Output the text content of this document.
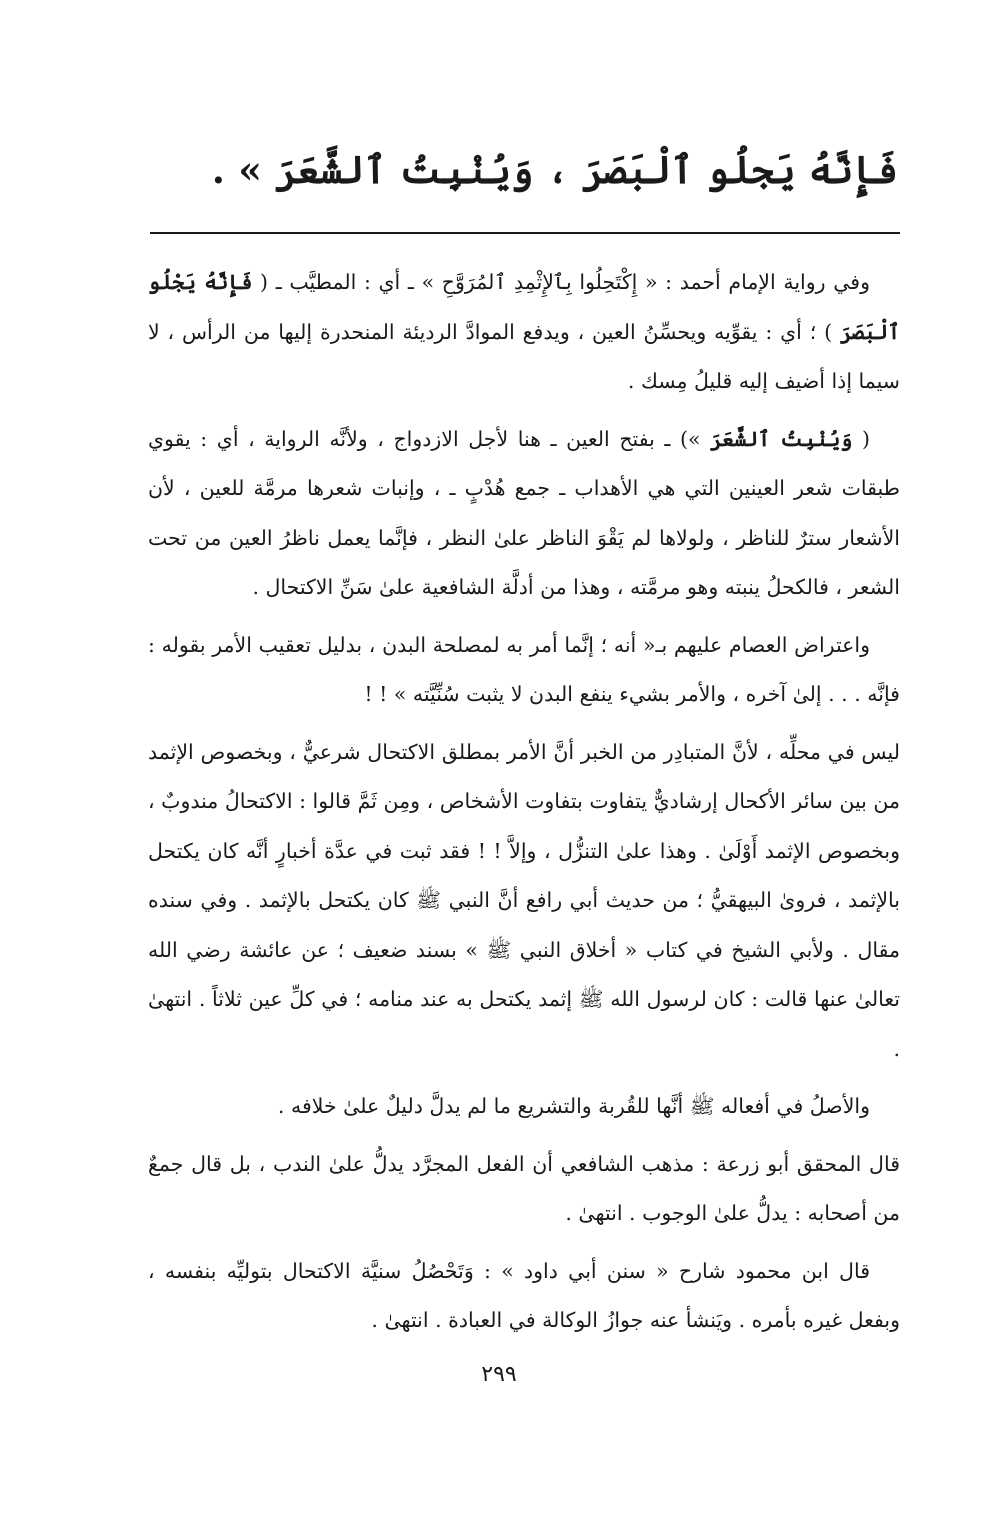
فَإِنَّهُ يَجلُو ٱلْبَصَرَ ، وَيُنْبِتُ ٱلشَّعَرَ » .

وفي رواية الإمام أحمد : « إِكْتَحِلُوا بِٱلإِثْمِدِ ٱلمُرَوَّحِ » ـ أي : المطيَّب ـ ( فَإِنَّهُ يَجْلُو ٱلْبَصَرَ ) ؛ أي : يقوِّيه ويحسِّنُ العين ، ويدفع الموادَّ الرديئة المنحدرة إليها من الرأس ، لا سيما إذا أضيف إليه قليلُ مِسك .

( وَيُنْبِتُ ٱلشَّعَرَ ») ـ بفتح العين ـ هنا لأجل الازدواج ، ولأنَّه الرواية ، أي : يقوي طبقات شعر العينين التي هي الأهداب ـ جمع هُدْبٍ ـ ، وإنبات شعرها مرمَّة للعين ، لأن الأشعار سترٌ للناظر ، ولولاها لم يَقْوَ الناظر علىٰ النظر ، فإنَّما يعمل ناظرُ العين من تحت الشعر ، فالكحلُ ينبته وهو مرمَّته ، وهذا من أدلَّة الشافعية علىٰ سَنِّ الاكتحال .

واعتراض العصام عليهم بـ« أنه ؛ إنَّما أمر به لمصلحة البدن ، بدليل تعقيب الأمر بقوله : فإنَّه . . . إلىٰ آخره ، والأمر بشيء ينفع البدن لا يثبت سُنِّيَّته » ! !

ليس في محلِّه ، لأنَّ المتبادِر من الخبر أنَّ الأمر بمطلق الاكتحال شرعيٌّ ، وبخصوص الإثمد من بين سائر الأكحال إرشاديٌّ يتفاوت بتفاوت الأشخاص ، ومِن ثَمَّ قالوا : الاكتحالُ مندوبٌ ، وبخصوص الإثمد أَوْلَىٰ . وهذا علىٰ التنزُّل ، وإلاَّ ! ! فقد ثبت في عدَّة أخبارٍ أنَّه كان يكتحل بالإثمد ، فروىٰ البيهقيُّ ؛ من حديث أبي رافع أنَّ النبي ﷺ كان يكتحل بالإثمد . وفي سنده مقال . ولأبي الشيخ في كتاب « أخلاق النبي ﷺ » بسند ضعيف ؛ عن عائشة رضي الله تعالىٰ عنها قالت : كان لرسول الله ﷺ إثمد يكتحل به عند منامه ؛ في كلِّ عين ثلاثاً . انتهىٰ .

والأصلُ في أفعاله ﷺ أنَّها للقُربة والتشريع ما لم يدلَّ دليلٌ علىٰ خلافه .

قال المحقق أبو زرعة : مذهب الشافعي أن الفعل المجرَّد يدلُّ علىٰ الندب ، بل قال جمعٌ من أصحابه : يدلُّ علىٰ الوجوب . انتهىٰ .

قال ابن محمود شارح « سنن أبي داود » : وَتَحْصُلُ سنيَّة الاكتحال بتوليِّه بنفسه ، وبفعل غيره بأمره . ويَنشأ عنه جوازُ الوكالة في العبادة . انتهىٰ .

٢٩٩
